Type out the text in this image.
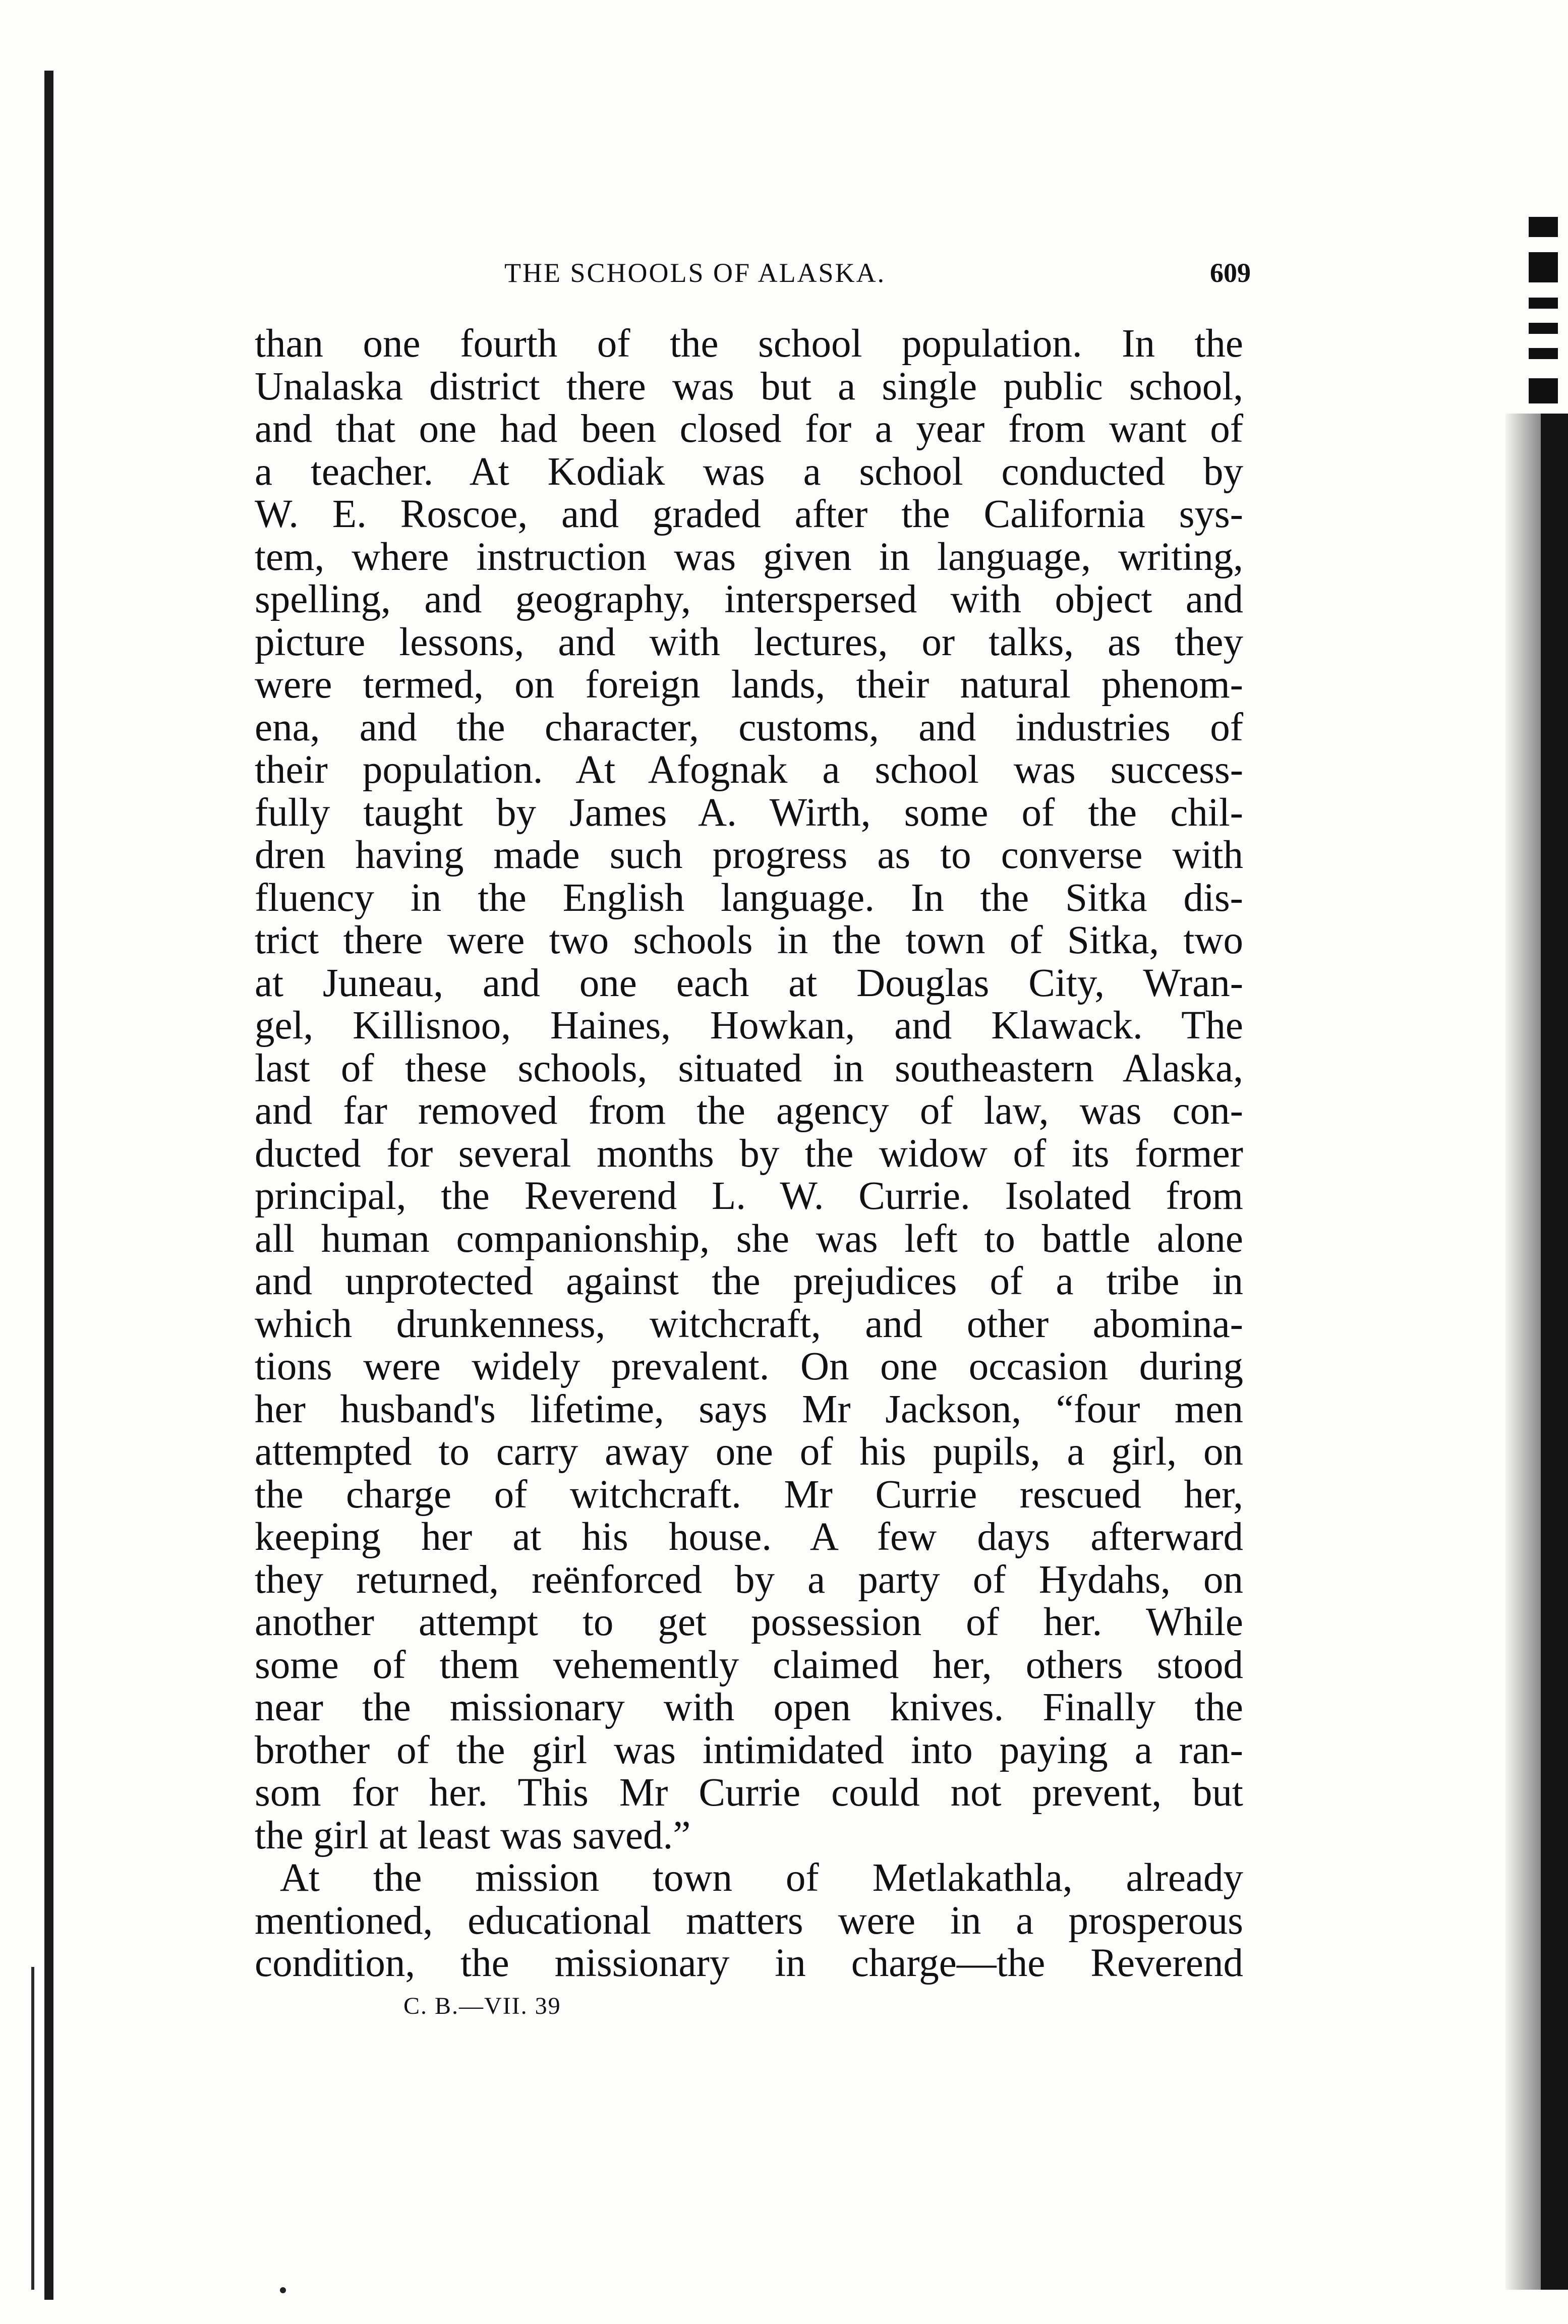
THE SCHOOLS OF ALASKA.	609
than one fourth of the school population. In the
Unalaska district there was but a single public school,
and that one had been closed for a year from want of
a teacher. At Kodiak was a school conducted by
W. E. Roscoe, and graded after the California sys-
tem, where instruction was given in language, writing,
spelling, and geography, interspersed with object and
picture lessons, and with lectures, or talks, as they
were termed, on foreign lands, their natural phenom-
ena, and the character, customs, and industries of
their population. At Afognak a school was success-
fully taught by James A. Wirth, some of the chil-
dren having made such progress as to converse with
fluency in the English language. In the Sitka dis-
trict there were two schools in the town of Sitka, two
at Juneau, and one each at Douglas City, Wran-
gel, Killisnoo, Haines, Howkan, and Klawack. The
last of these schools, situated in southeastern Alaska,
and far removed from the agency of law, was con-
ducted for several months by the widow of its former
principal, the Reverend L. W. Currie. Isolated from
all human companionship, she was left to battle alone
and unprotected against the prejudices of a tribe in
which drunkenness, witchcraft, and other abomina-
tions were widely prevalent. On one occasion during
her husband's lifetime, says Mr Jackson, “four men
attempted to carry away one of his pupils, a girl, on
the charge of witchcraft. Mr Currie rescued her,
keeping her at his house. A few days afterward
they returned, reënforced by a party of Hydahs, on
another attempt to get possession of her. While
some of them vehemently claimed her, others stood
near the missionary with open knives. Finally the
brother of the girl was intimidated into paying a ran-
som for her. This Mr Currie could not prevent, but
the girl at least was saved.”
At the mission town of Metlakathla, already
mentioned, educational matters were in a prosperous
condition, the missionary in charge—the Reverend
C. B.—VII. 39
